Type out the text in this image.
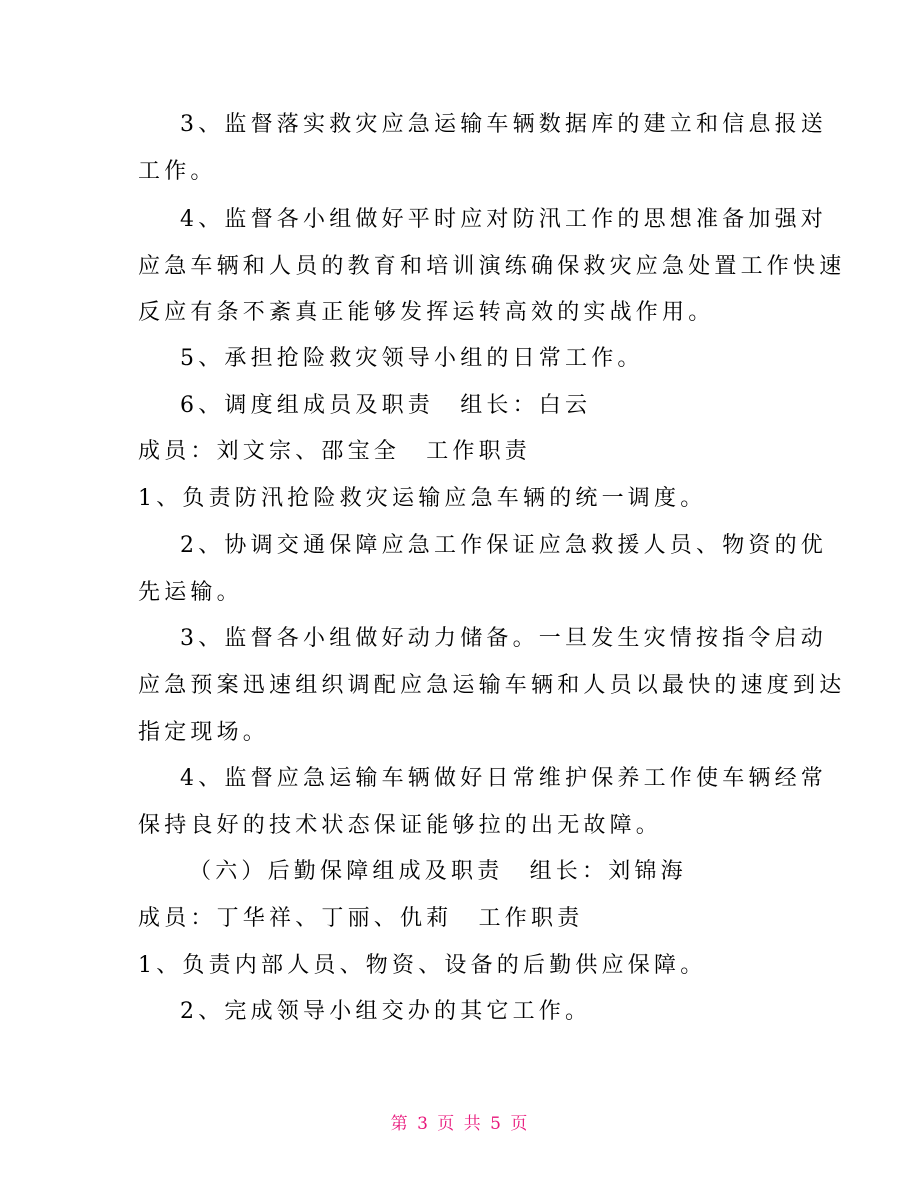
3、监督落实救灾应急运输车辆数据库的建立和信息报送
工作。
4、监督各小组做好平时应对防汛工作的思想准备加强对
应急车辆和人员的教育和培训演练确保救灾应急处置工作快速
反应有条不紊真正能够发挥运转高效的实战作用。
5、承担抢险救灾领导小组的日常工作。
6、调度组成员及职责　组长：白云
成员：刘文宗、邵宝全　工作职责
1、负责防汛抢险救灾运输应急车辆的统一调度。
2、协调交通保障应急工作保证应急救援人员、物资的优
先运输。
3、监督各小组做好动力储备。一旦发生灾情按指令启动
应急预案迅速组织调配应急运输车辆和人员以最快的速度到达
指定现场。
4、监督应急运输车辆做好日常维护保养工作使车辆经常
保持良好的技术状态保证能够拉的出无故障。
（六）后勤保障组成及职责　组长：刘锦海
成员：丁华祥、丁丽、仇莉　工作职责
1、负责内部人员、物资、设备的后勤供应保障。
2、完成领导小组交办的其它工作。
第 3 页 共 5 页
